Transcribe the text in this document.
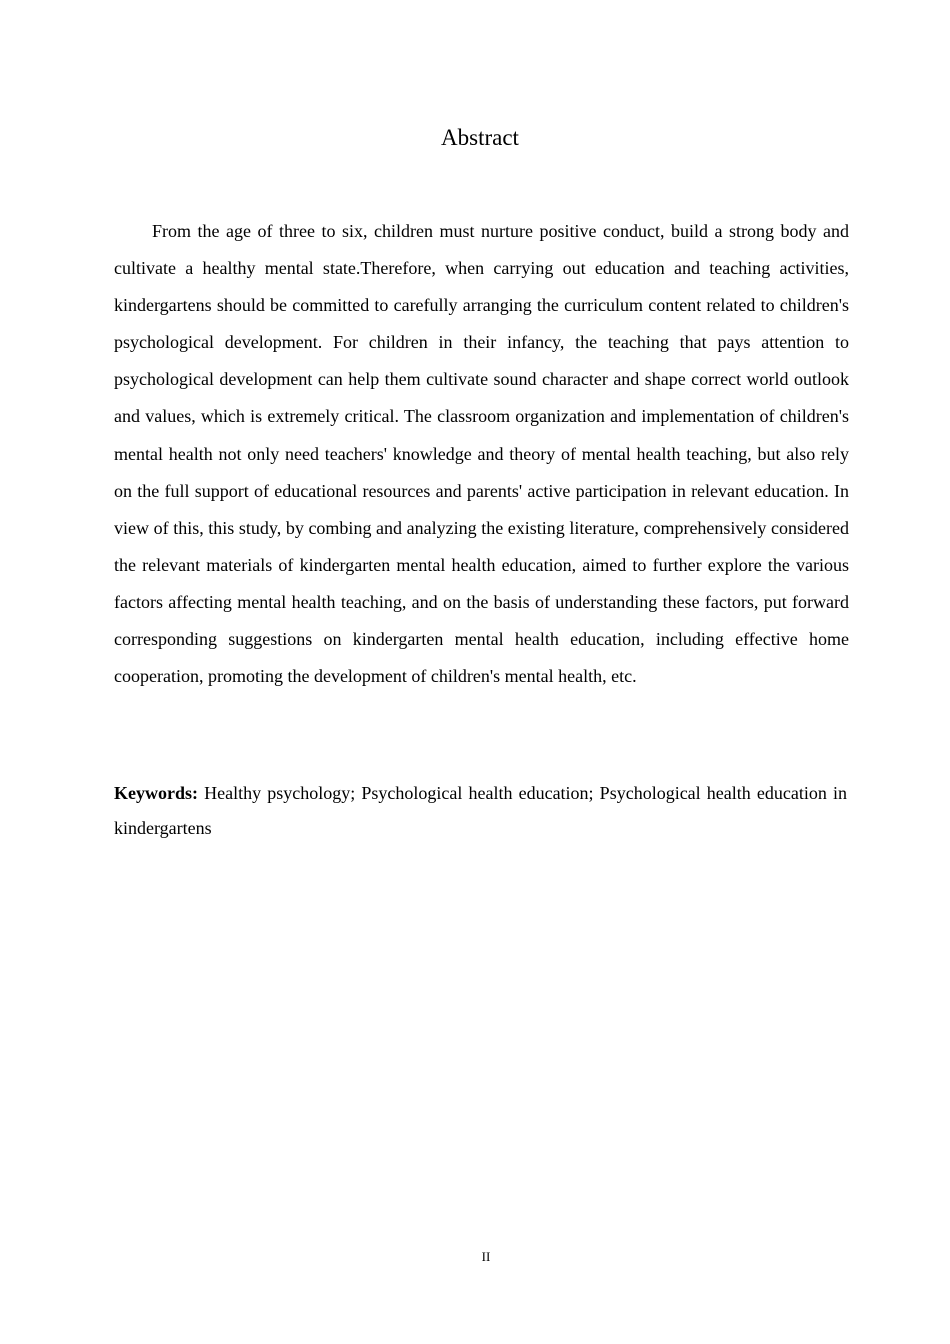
Abstract

From the age of three to six, children must nurture positive conduct, build a strong body and cultivate a healthy mental state.Therefore, when carrying out education and teaching activities, kindergartens should be committed to carefully arranging the curriculum content related to children's psychological development. For children in their infancy, the teaching that pays attention to psychological development can help them cultivate sound character and shape correct world outlook and values, which is extremely critical. The classroom organization and implementation of children's mental health not only need teachers' knowledge and theory of mental health teaching, but also rely on the full support of educational resources and parents' active participation in relevant education. In view of this, this study, by combing and analyzing the existing literature, comprehensively considered the relevant materials of kindergarten mental health education, aimed to further explore the various factors affecting mental health teaching, and on the basis of understanding these factors, put forward corresponding suggestions on kindergarten mental health education, including effective home cooperation, promoting the development of children's mental health, etc.

Keywords: Healthy psychology; Psychological health education; Psychological health education in kindergartens

II
